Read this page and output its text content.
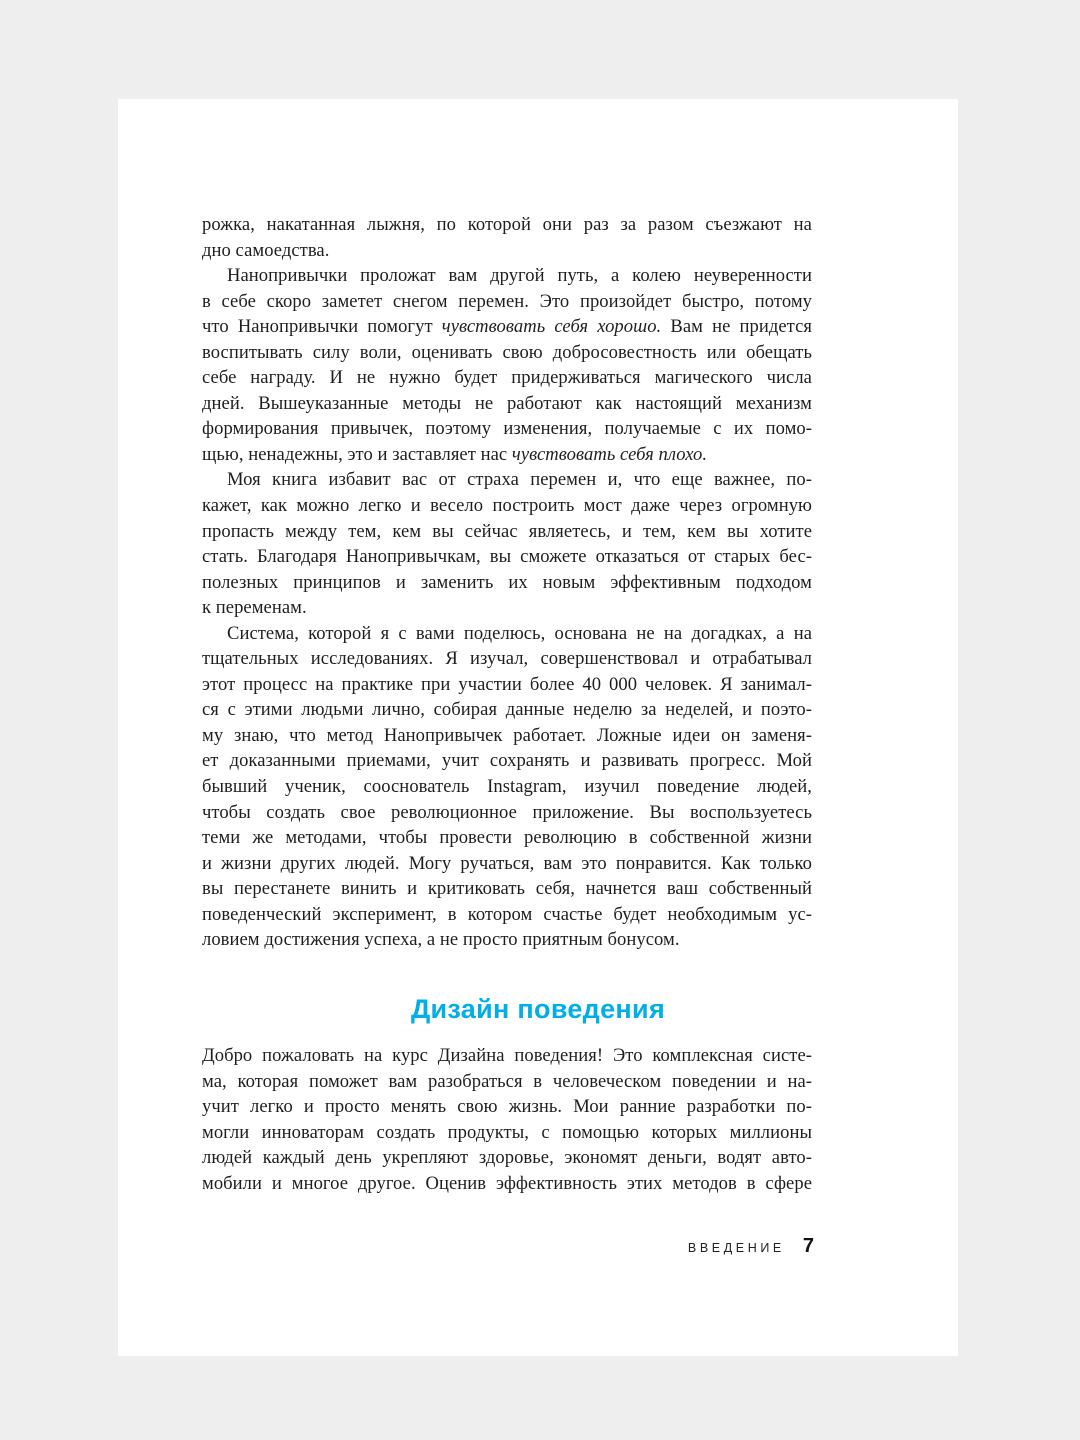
рожка, накатанная лыжня, по которой они раз за разом съезжают на
дно самоедства.
Нанопривычки проложат вам другой путь, а колею неуверенности
в себе скоро заметет снегом перемен. Это произойдет быстро, потому
что Нанопривычки помогут чувствовать себя хорошо. Вам не придется
воспитывать силу воли, оценивать свою добросовестность или обещать
себе награду. И не нужно будет придерживаться магического числа
дней. Вышеуказанные методы не работают как настоящий механизм
формирования привычек, поэтому изменения, получаемые с их помо-
щью, ненадежны, это и заставляет нас чувствовать себя плохо.
Моя книга избавит вас от страха перемен и, что еще важнее, по-
кажет, как можно легко и весело построить мост даже через огромную
пропасть между тем, кем вы сейчас являетесь, и тем, кем вы хотите
стать. Благодаря Нанопривычкам, вы сможете отказаться от старых бес-
полезных принципов и заменить их новым эффективным подходом
к переменам.
Система, которой я с вами поделюсь, основана не на догадках, а на
тщательных исследованиях. Я изучал, совершенствовал и отрабатывал
этот процесс на практике при участии более 40 000 человек. Я занимал-
ся с этими людьми лично, собирая данные неделю за неделей, и поэто-
му знаю, что метод Нанопривычек работает. Ложные идеи он заменя-
ет доказанными приемами, учит сохранять и развивать прогресс. Мой
бывший ученик, сооснователь Instagram, изучил поведение людей,
чтобы создать свое революционное приложение. Вы воспользуетесь
теми же методами, чтобы провести революцию в собственной жизни
и жизни других людей. Могу ручаться, вам это понравится. Как только
вы перестанете винить и критиковать себя, начнется ваш собственный
поведенческий эксперимент, в котором счастье будет необходимым ус-
ловием достижения успеха, а не просто приятным бонусом.
Дизайн поведения
Добро пожаловать на курс Дизайна поведения! Это комплексная систе-
ма, которая поможет вам разобраться в человеческом поведении и на-
учит легко и просто менять свою жизнь. Мои ранние разработки по-
могли инноваторам создать продукты, с помощью которых миллионы
людей каждый день укрепляют здоровье, экономят деньги, водят авто-
мобили и многое другое. Оценив эффективность этих методов в сфере
ВВЕДЕНИЕ 7
